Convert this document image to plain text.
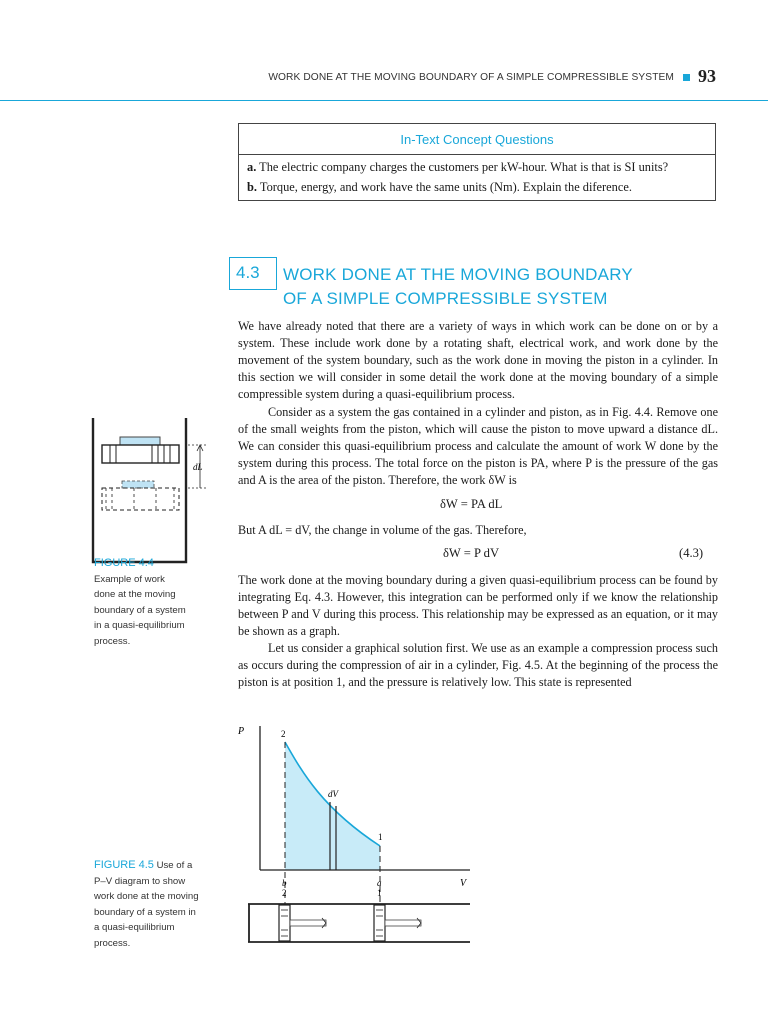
WORK DONE AT THE MOVING BOUNDARY OF A SIMPLE COMPRESSIBLE SYSTEM 93
In-Text Concept Questions
a. The electric company charges the customers per kW-hour. What is that is SI units?
b. Torque, energy, and work have the same units (Nm). Explain the diference.
4.3 WORK DONE AT THE MOVING BOUNDARY
OF A SIMPLE COMPRESSIBLE SYSTEM
We have already noted that there are a variety of ways in which work can be done on or by a system. These include work done by a rotating shaft, electrical work, and work done by the movement of the system boundary, such as the work done in moving the piston in a cylinder. In this section we will consider in some detail the work done at the moving boundary of a simple compressible system during a quasi-equilibrium process.
Consider as a system the gas contained in a cylinder and piston, as in Fig. 4.4. Remove one of the small weights from the piston, which will cause the piston to move upward a distance dL. We can consider this quasi-equilibrium process and calculate the amount of work W done by the system during this process. The total force on the piston is PA, where P is the pressure of the gas and A is the area of the piston. Therefore, the work δW is
δW = PA dL
But A dL = dV, the change in volume of the gas. Therefore,
δW = P dV	(4.3)
The work done at the moving boundary during a given quasi-equilibrium process can be found by integrating Eq. 4.3. However, this integration can be performed only if we know the relationship between P and V during this process. This relationship may be expressed as an equation, or it may be shown as a graph.
Let us consider a graphical solution first. We use as an example a compression process such as occurs during the compression of air in a cylinder, Fig. 4.5. At the beginning of the process the piston is at position 1, and the pressure is relatively low. This state is represented
dL
FIGURE 4.4
Example of work
done at the moving
boundary of a system
in a quasi-equilibrium
process.
dV
P
V
2
1
b	a
2	1
FIGURE 4.5 Use of a
P–V diagram to show
work done at the moving
boundary of a system in
a quasi-equilibrium
process.
